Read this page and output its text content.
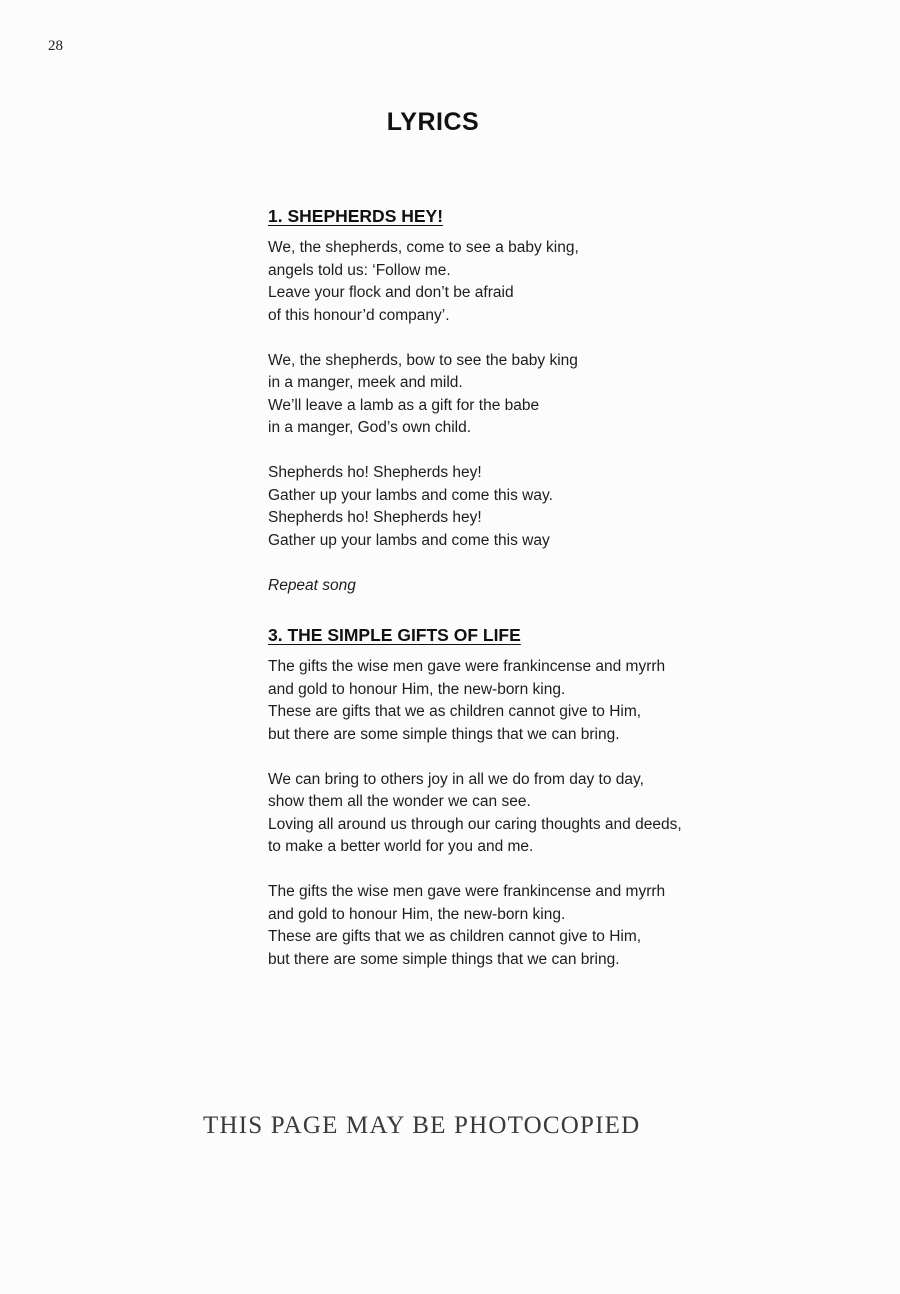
28
LYRICS
1. SHEPHERDS HEY!
We, the shepherds, come to see a baby king,
angels told us: ‘Follow me.
Leave your flock and don’t be afraid
of this honour’d company’.
We, the shepherds, bow to see the baby king
in a manger, meek and mild.
We’ll leave a lamb as a gift for the babe
in a manger, God’s own child.
Shepherds ho! Shepherds hey!
Gather up your lambs and come this way.
Shepherds ho! Shepherds hey!
Gather up your lambs and come this way
Repeat song
3. THE SIMPLE GIFTS OF LIFE
The gifts the wise men gave were frankincense and myrrh
and gold to honour Him, the new-born king.
These are gifts that we as children cannot give to Him,
but there are some simple things that we can bring.
We can bring to others joy in all we do from day to day,
show them all the wonder we can see.
Loving all around us through our caring thoughts and deeds,
to make a better world for you and me.
The gifts the wise men gave were frankincense and myrrh
and gold to honour Him, the new-born king.
These are gifts that we as children cannot give to Him,
but there are some simple things that we can bring.
THIS PAGE MAY BE PHOTOCOPIED
